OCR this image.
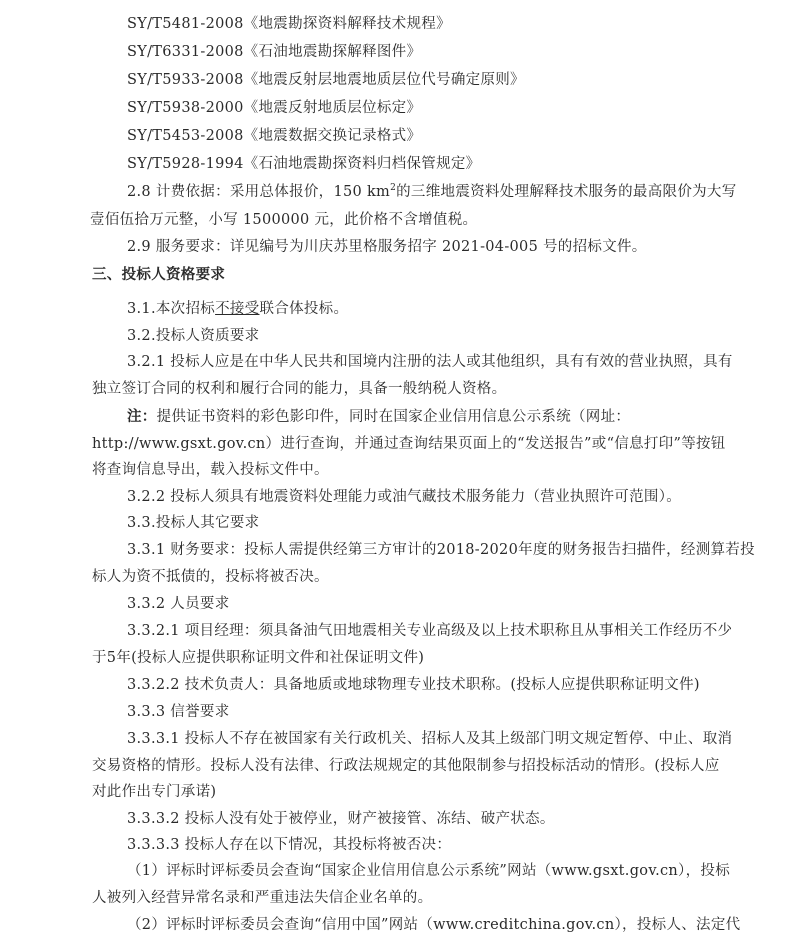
SY/T5481-2008《地震勘探资料解释技术规程》
SY/T6331-2008《石油地震勘探解释图件》
SY/T5933-2008《地震反射层地震地质层位代号确定原则》
SY/T5938-2000《地震反射地质层位标定》
SY/T5453-2008《地震数据交换记录格式》
SY/T5928-1994《石油地震勘探资料归档保管规定》
2.8 计费依据：采用总体报价，150 $km^2$的三维地震资料处理解释技术服务的最高限价为大写
壹佰伍拾万元整，小写 1500000 元，此价格不含增值税。
2.9 服务要求：详见编号为川庆苏里格服务招字 2021-04-005 号的招标文件。
三、投标人资格要求
3.1.本次招标不接受联合体投标。
3.2.投标人资质要求
3.2.1 投标人应是在中华人民共和国境内注册的法人或其他组织，具有有效的营业执照，具有
独立签订合同的权利和履行合同的能力，具备一般纳税人资格。
注：提供证书资料的彩色影印件，同时在国家企业信用信息公示系统（网址：
http://www.gsxt.gov.cn）进行查询，并通过查询结果页面上的“发送报告”或“信息打印”等按钮
将查询信息导出，载入投标文件中。
3.2.2 投标人须具有地震资料处理能力或油气藏技术服务能力（营业执照许可范围）。
3.3.投标人其它要求
3.3.1 财务要求：投标人需提供经第三方审计的2018-2020年度的财务报告扫描件，经测算若投
标人为资不抵债的，投标将被否决。
3.3.2 人员要求
3.3.2.1 项目经理：须具备油气田地震相关专业高级及以上技术职称且从事相关工作经历不少
于5年(投标人应提供职称证明文件和社保证明文件)
3.3.2.2 技术负责人：具备地质或地球物理专业技术职称。(投标人应提供职称证明文件)
3.3.3 信誉要求
3.3.3.1 投标人不存在被国家有关行政机关、招标人及其上级部门明文规定暂停、中止、取消
交易资格的情形。投标人没有法律、行政法规规定的其他限制参与招投标活动的情形。(投标人应
对此作出专门承诺)
3.3.3.2 投标人没有处于被停业，财产被接管、冻结、破产状态。
3.3.3.3 投标人存在以下情况，其投标将被否决：
（1）评标时评标委员会查询“国家企业信用信息公示系统”网站（www.gsxt.gov.cn），投标
人被列入经营异常名录和严重违法失信企业名单的。
（2）评标时评标委员会查询“信用中国”网站（www.creditchina.gov.cn），投标人、法定代
